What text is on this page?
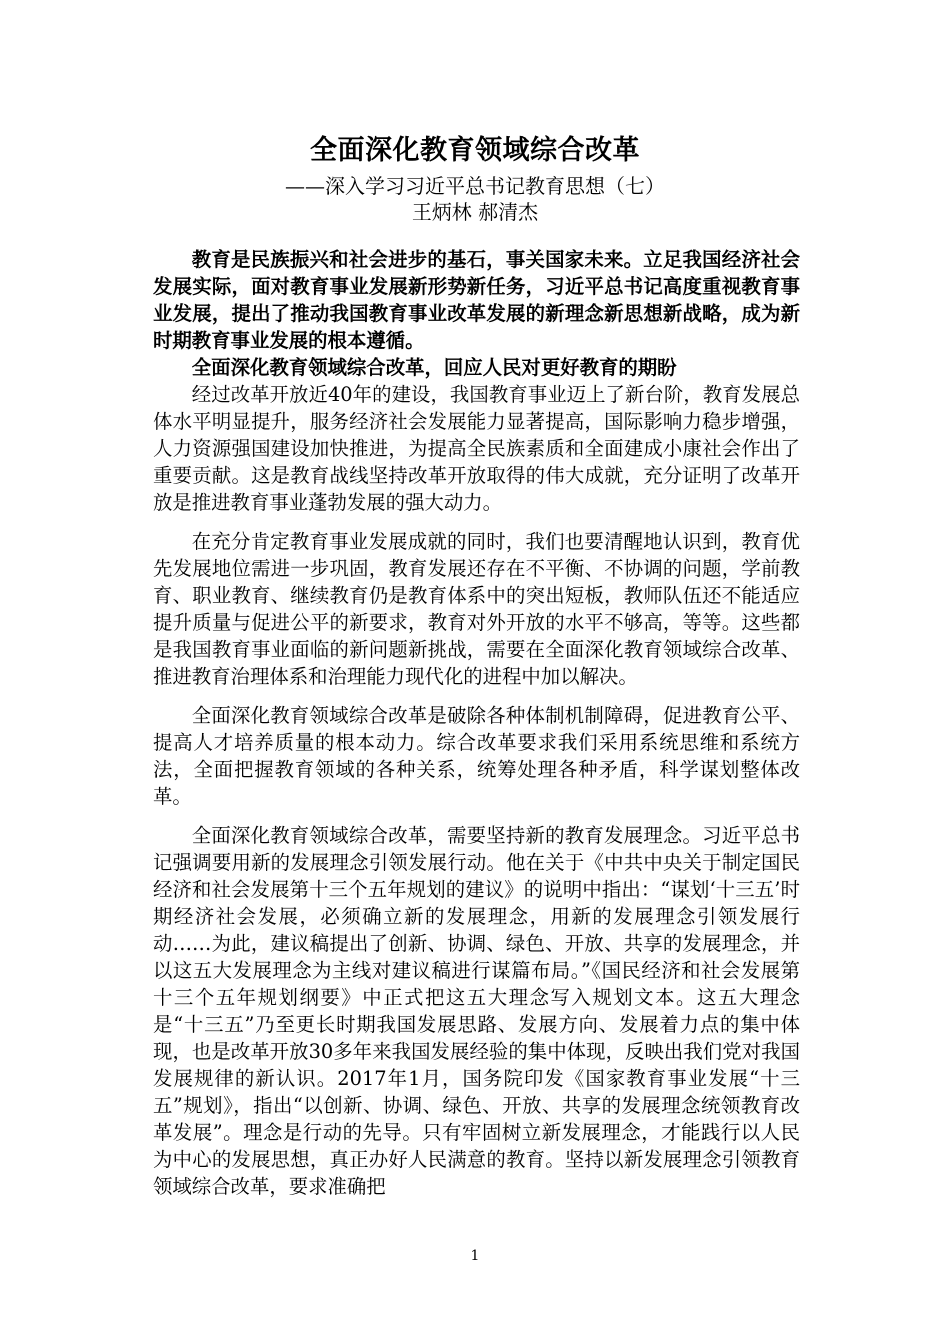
全面深化教育领域综合改革
——深入学习习近平总书记教育思想（七）
王炳林 郝清杰

教育是民族振兴和社会进步的基石，事关国家未来。立足我国经济社会发展实际，面对教育事业发展新形势新任务，习近平总书记高度重视教育事业发展，提出了推动我国教育事业改革发展的新理念新思想新战略，成为新时期教育事业发展的根本遵循。

全面深化教育领域综合改革，回应人民对更好教育的期盼

经过改革开放近40年的建设，我国教育事业迈上了新台阶，教育发展总体水平明显提升，服务经济社会发展能力显著提高，国际影响力稳步增强，人力资源强国建设加快推进，为提高全民族素质和全面建成小康社会作出了重要贡献。这是教育战线坚持改革开放取得的伟大成就，充分证明了改革开放是推进教育事业蓬勃发展的强大动力。

在充分肯定教育事业发展成就的同时，我们也要清醒地认识到，教育优先发展地位需进一步巩固，教育发展还存在不平衡、不协调的问题，学前教育、职业教育、继续教育仍是教育体系中的突出短板，教师队伍还不能适应提升质量与促进公平的新要求，教育对外开放的水平不够高，等等。这些都是我国教育事业面临的新问题新挑战，需要在全面深化教育领域综合改革、推进教育治理体系和治理能力现代化的进程中加以解决。

全面深化教育领域综合改革是破除各种体制机制障碍，促进教育公平、提高人才培养质量的根本动力。综合改革要求我们采用系统思维和系统方法，全面把握教育领域的各种关系，统筹处理各种矛盾，科学谋划整体改革。

全面深化教育领域综合改革，需要坚持新的教育发展理念。习近平总书记强调要用新的发展理念引领发展行动。他在关于《中共中央关于制定国民经济和社会发展第十三个五年规划的建议》的说明中指出：“谋划‘十三五’时期经济社会发展，必须确立新的发展理念，用新的发展理念引领发展行动……为此，建议稿提出了创新、协调、绿色、开放、共享的发展理念，并以这五大发展理念为主线对建议稿进行谋篇布局。”《国民经济和社会发展第十三个五年规划纲要》中正式把这五大理念写入规划文本。这五大理念是“十三五”乃至更长时期我国发展思路、发展方向、发展着力点的集中体现，也是改革开放30多年来我国发展经验的集中体现，反映出我们党对我国发展规律的新认识。2017年1月，国务院印发《国家教育事业发展“十三五”规划》，指出“以创新、协调、绿色、开放、共享的发展理念统领教育改革发展”。理念是行动的先导。只有牢固树立新发展理念，才能践行以人民为中心的发展思想，真正办好人民满意的教育。坚持以新发展理念引领教育领域综合改革，要求准确把

1
